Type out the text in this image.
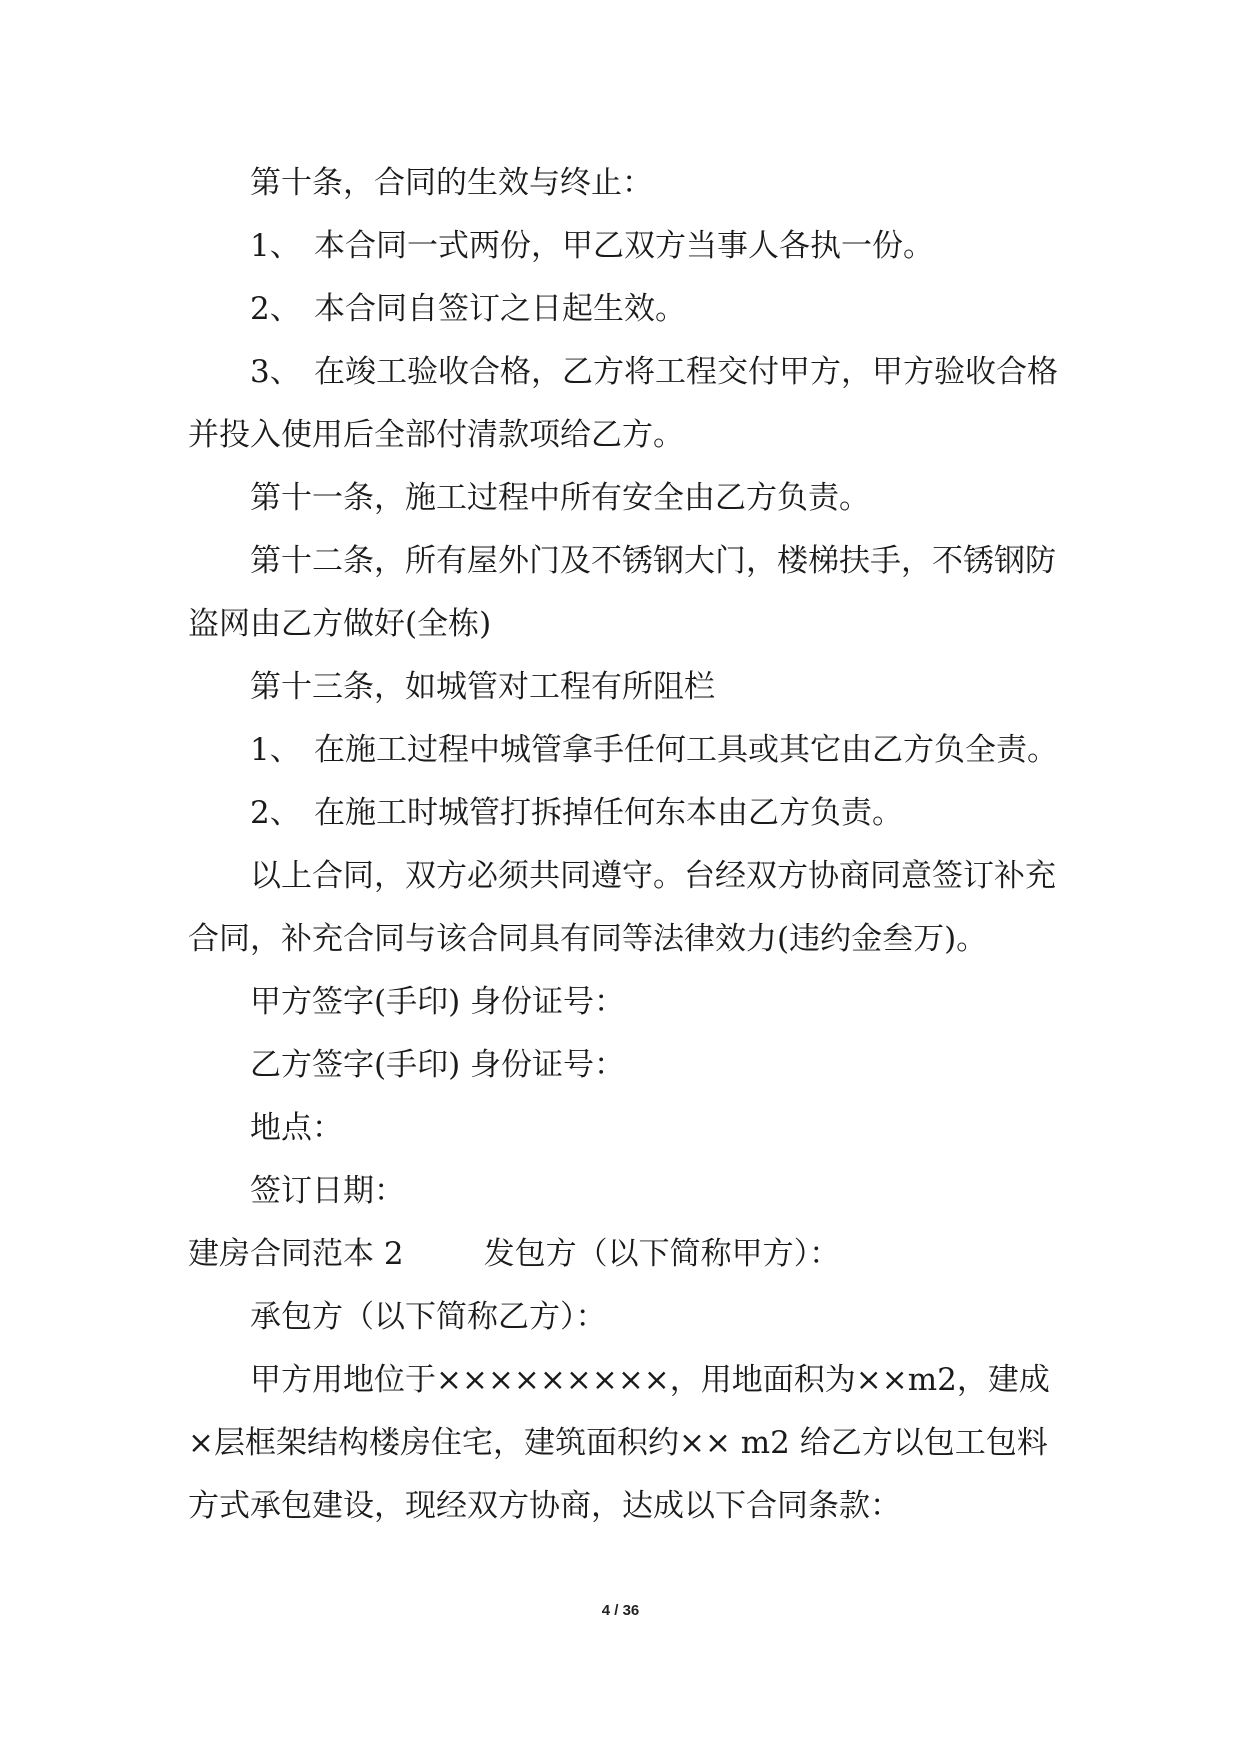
第十条，合同的生效与终止：
1、 本合同一式两份，甲乙双方当事人各执一份。
2、 本合同自签订之日起生效。
3、 在竣工验收合格，乙方将工程交付甲方，甲方验收合格
并投入使用后全部付清款项给乙方。
第十一条，施工过程中所有安全由乙方负责。
第十二条，所有屋外门及不锈钢大门，楼梯扶手，不锈钢防
盗网由乙方做好(全栋)
第十三条，如城管对工程有所阻栏
1、 在施工过程中城管拿手任何工具或其它由乙方负全责。
2、 在施工时城管打拆掉任何东本由乙方负责。
以上合同，双方必须共同遵守。台经双方协商同意签订补充
合同，补充合同与该合同具有同等法律效力(违约金叁万)。
甲方签字(手印) 身份证号：
乙方签字(手印) 身份证号：
地点：
签订日期：
建房合同范本 2	发包方（以下简称甲方）：
承包方（以下简称乙方）：
甲方用地位于×××××××××，用地面积为××m2，建成
×层框架结构楼房住宅，建筑面积约×× m2 给乙方以包工包料
方式承包建设，现经双方协商，达成以下合同条款：
4 / 36
